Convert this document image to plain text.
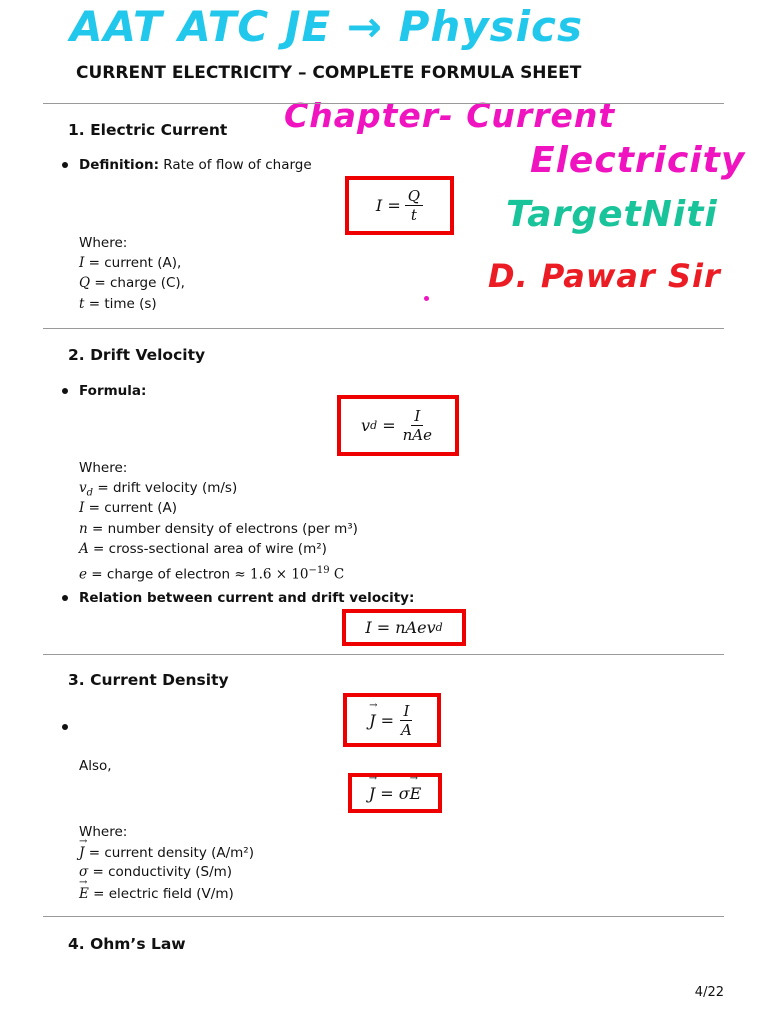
AAT ATC JE → Physics
Chapter- Current
Electricity
TargetNiti
D. Pawar Sir
CURRENT ELECTRICITY – COMPLETE FORMULA SHEET
1. Electric Current
Definition: Rate of flow of charge
I
= $\frac{Q}{t}$
Where:
I = current (A),
Q = charge (C),
t = time (s)
2. Drift Velocity
Formula:
v d
= $\frac{I}{\text{nAe}}$
Where:
$v_d$ = drift velocity (m/s)
I = current (A)
n = number density of electrons (per m³)
A = cross-sectional area of wire (m²)
e = charge of electron ≈ $1.6 \times 10^{-19}$ C
Relation between current and drift velocity:
I
=
nAev d
3. Current Density
→ J
= $\frac{I}{A}$
Also,
→ J
=
σ
→ E
Where:
→ J = current density (A/m²)
σ = conductivity (S/m)
→ E = electric field (V/m)
4. Ohm’s Law
4/22
